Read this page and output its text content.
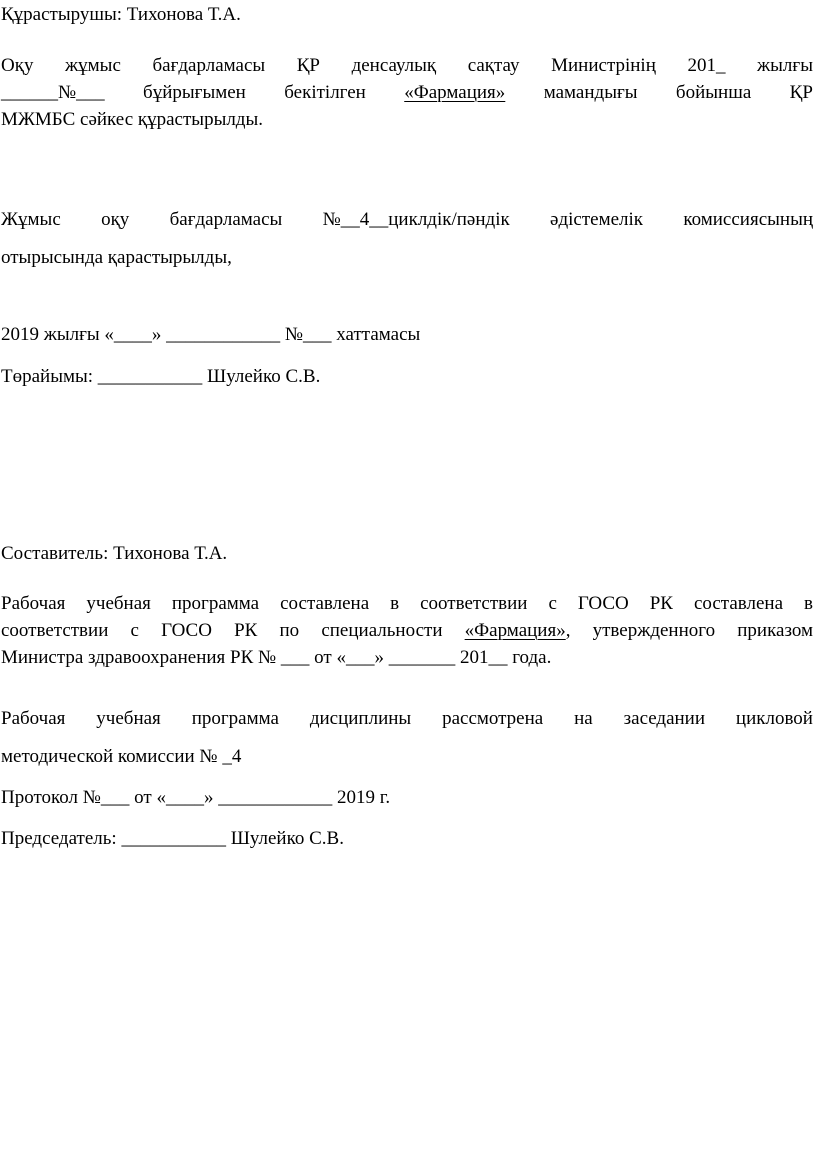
Құрастырушы: Тихонова Т.А.
Оқу жұмыс бағдарламасы ҚР денсаулық сақтау Министрінің 201_ жылғы
______№___ бұйрығымен бекітілген «Фармация» мамандығы бойынша ҚР
МЖМБС сәйкес құрастырылды.
Жұмыс оқу бағдарламасы №__4__циклдік/пәндік әдістемелік комиссиясының
отырысында қарастырылды,
2019 жылғы «____» ____________ №___ хаттамасы
Төрайымы: ___________ Шулейко С.В.
Составитель: Тихонова Т.А.
Рабочая учебная программа составлена в соответствии с ГОСО РК составлена в
соответствии с ГОСО РК по специальности «Фармация», утвержденного приказом
Министра здравоохранения РК № ___ от «___» _______ 201__ года.
Рабочая учебная программа дисциплины рассмотрена на заседании цикловой
методической комиссии № _4
Протокол №___ от «____» ____________ 2019 г.
Председатель: ___________ Шулейко С.В.
